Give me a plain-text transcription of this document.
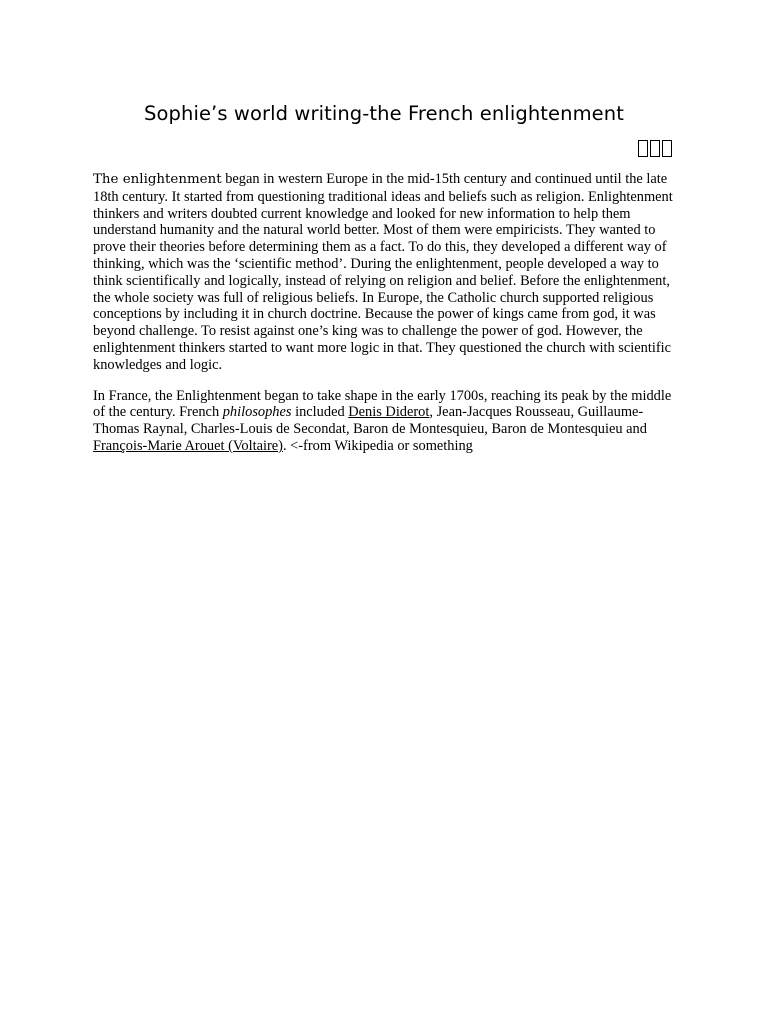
Sophie’s world writing-the French enlightenment

The enlightenment began in western Europe in the mid-15th century and continued until the late 18th century. It started from questioning traditional ideas and beliefs such as religion. Enlightenment thinkers and writers doubted current knowledge and looked for new information to help them understand humanity and the natural world better. Most of them were empiricists. They wanted to prove their theories before determining them as a fact. To do this, they developed a different way of thinking, which was the ‘scientific method’. During the enlightenment, people developed a way to think scientifically and logically, instead of relying on religion and belief. Before the enlightenment, the whole society was full of religious beliefs. In Europe, the Catholic church supported religious conceptions by including it in church doctrine. Because the power of kings came from god, it was beyond challenge. To resist against one’s king was to challenge the power of god. However, the enlightenment thinkers started to want more logic in that. They questioned the church with scientific knowledges and logic.

In France, the Enlightenment began to take shape in the early 1700s, reaching its peak by the middle of the century. French philosophes included Denis Diderot, Jean-Jacques Rousseau, Guillaume-Thomas Raynal, Charles-Louis de Secondat, Baron de Montesquieu, Baron de Montesquieu and François-Marie Arouet (Voltaire). <-from Wikipedia or something
